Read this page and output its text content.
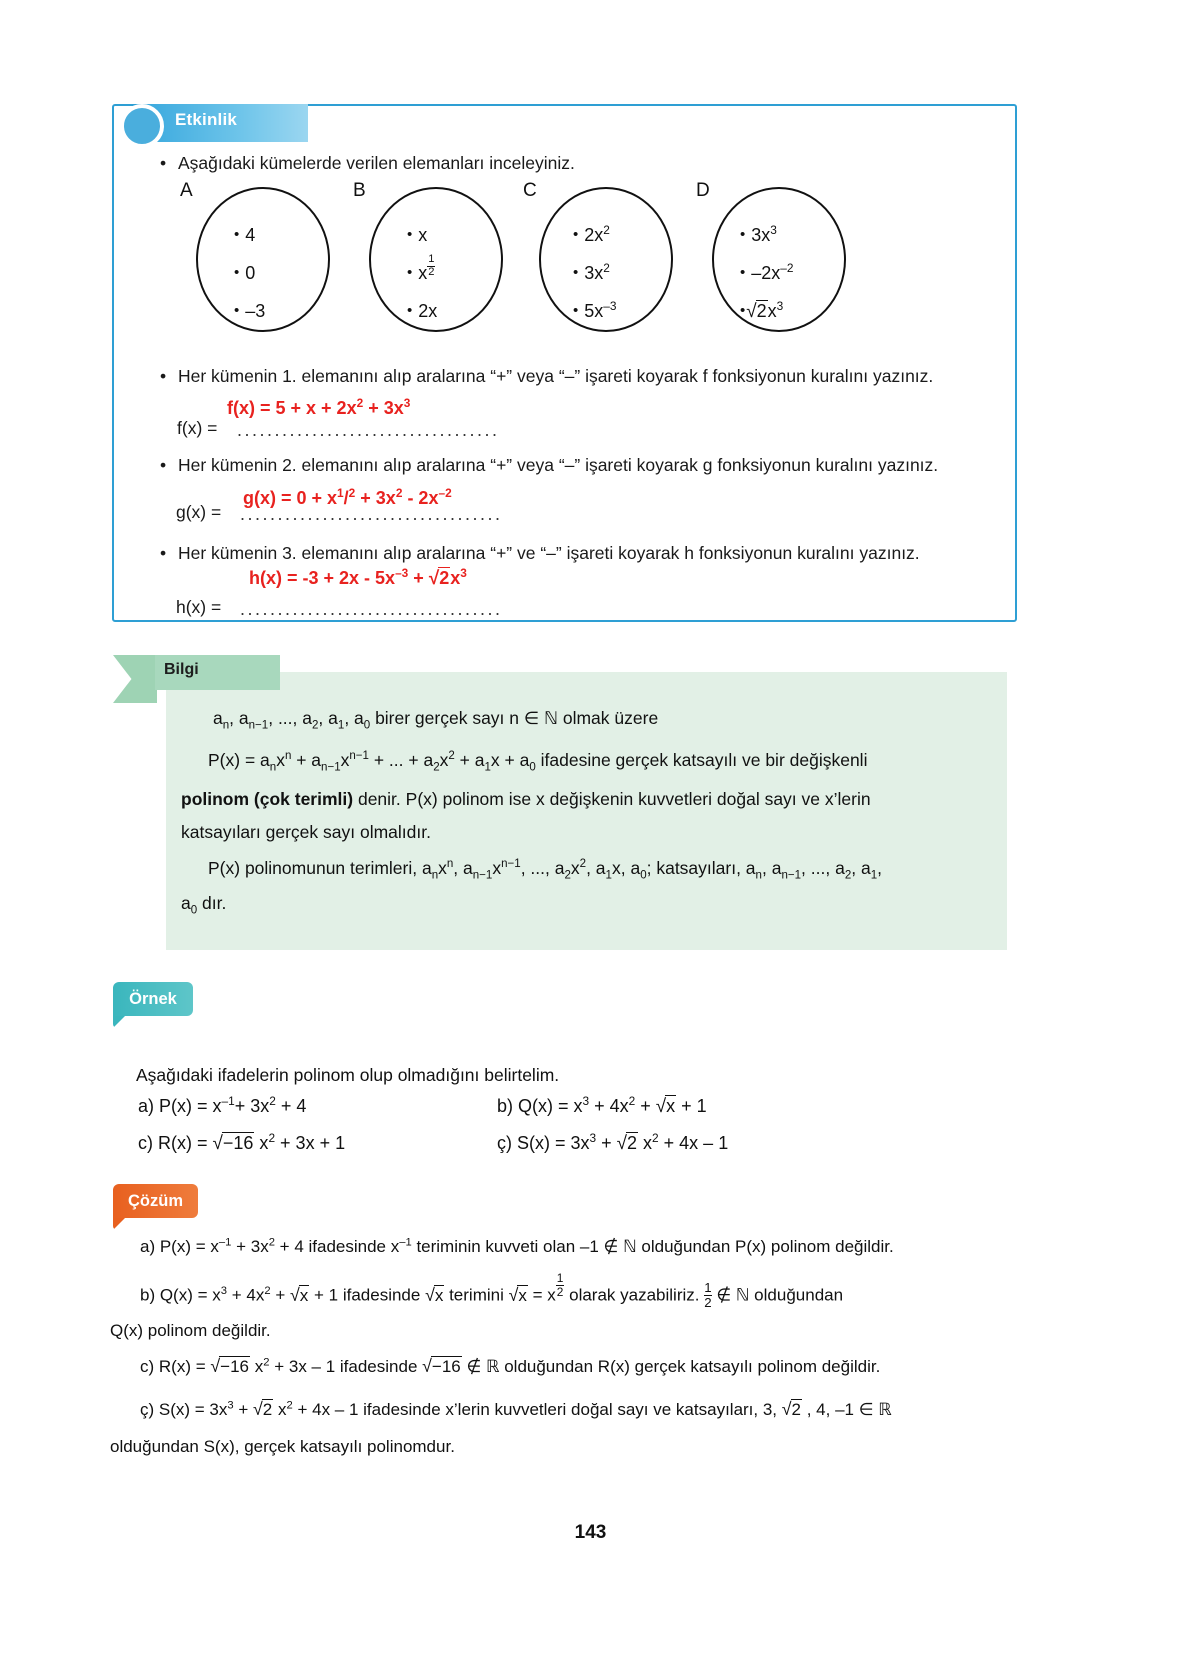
Etkinlik
• Aşağıdaki kümelerde verilen elemanları inceleyiniz.
A
• 4
• 0
• –3
B
• x
• x $\frac{1}{2}$
• 2x
C
• $2x^2$
• $3x^2$
• $5x^{-3}$
D
• $3x^3$
• $-2x^{-2}$
• $√2x^3$
• Her kümenin 1. elemanını alıp aralarına “+” veya “–” işareti koyarak f fonksiyonun kuralını yazınız.
f(x) = ...................................
$f(x) = 5 + x + 2x^2 + 3x^3$
• Her kümenin 2. elemanını alıp aralarına “+” veya “–” işareti koyarak g fonksiyonun kuralını yazınız.
g(x) = ...................................
$g(x) = 0 + x^1/^2 + 3x^2 - 2x^{-2}$
• Her kümenin 3. elemanını alıp aralarına “+” ve “–” işareti koyarak h fonksiyonun kuralını yazınız.
h(x) = ...................................
$h(x) = -3 + 2x - 5x^{-3} + √2x^3$
Bilgi
$a_n$, $a_{n-1}$, ..., $a_2$, $a_1$, $a_0$ birer gerçek sayı n ∈ ℕ olmak üzere
$P(x) = a_nx^n + a_{n-1}x^{n-1}$ + ... + $a_2x^2 + a_1x + a_0$ ifadesine gerçek katsayılı ve bir değişkenli
polinom (çok terimli) denir. P(x) polinom ise x değişkenin kuvvetleri doğal sayı ve x’lerin
katsayıları gerçek sayı olmalıdır.
P(x) polinomunun terimleri, $a_nx^n$, $a_{n-1}x^{n-1}$, ..., $a_2x^2$, $a_1x$, $a_0$; katsayıları, $a_n$, $a_{n-1}$, ..., $a_2$, $a_1$,
$a_0$ dır.
Örnek
Aşağıdaki ifadelerin polinom olup olmadığını belirtelim.
a) $P(x) = x^{-1}+ 3x^2 + 4$	b) $Q(x) = x^3 + 4x^2 + √x + 1$
c) R(x) = √−16 $x^2 + 3x + 1$	ç) $S(x) = 3x^3 + √2$ $x^2 + 4x - 1$
Çözüm
a) $P(x) = x^{-1} + 3x^2 + 4$ ifadesinde $x^{-1}$ teriminin kuvveti olan –1 ∉ ℕ olduğundan P(x) polinom değildir.
b) $Q(x) = x^3 + 4x^2 + √x + 1$ ifadesinde √x terimini √x = x $\frac{1}{2}$ olarak yazabiliriz. $\frac{1}{2}$ ∉ ℕ olduğundan
Q(x) polinom değildir.
c) R(x) = √−16 $x^2 + 3x - 1$ ifadesinde √−16 ∉ ℝ olduğundan R(x) gerçek katsayılı polinom değildir.
ç) $S(x) = 3x^3 + √2$ $x^2 + 4x - 1$ ifadesinde x’lerin kuvvetleri doğal sayı ve katsayıları, 3, √2 , 4, –1 ∈ ℝ
olduğundan S(x), gerçek katsayılı polinomdur.
143
